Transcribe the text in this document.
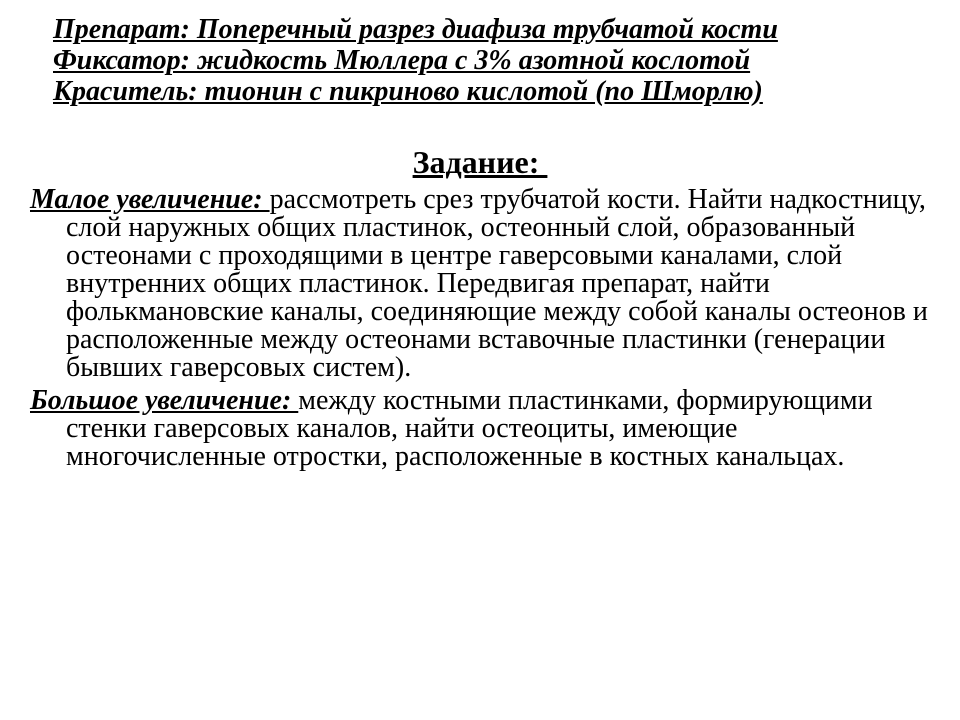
Препарат: Поперечный разрез диафиза трубчатой кости
Фиксатор: жидкость Мюллера с 3% азотной кослотой
Краситель: тионин с пикриново кислотой (по Шморлю)
Задание:

Малое увеличение: рассмотреть срез трубчатой кости. Найти надкостницу, слой наружных общих пластинок, остеонный слой, образованный остеонами с проходящими в центре гаверсовыми каналами, слой внутренних общих пластинок. Передвигая препарат, найти фолькмановские каналы, соединяющие между собой каналы остеонов и расположенные между остеонами вставочные пластинки (генерации бывших гаверсовых систем).

Большое увеличение: между костными пластинками, формирующими стенки гаверсовых каналов, найти остеоциты, имеющие многочисленные отростки, расположенные в костных канальцах.
